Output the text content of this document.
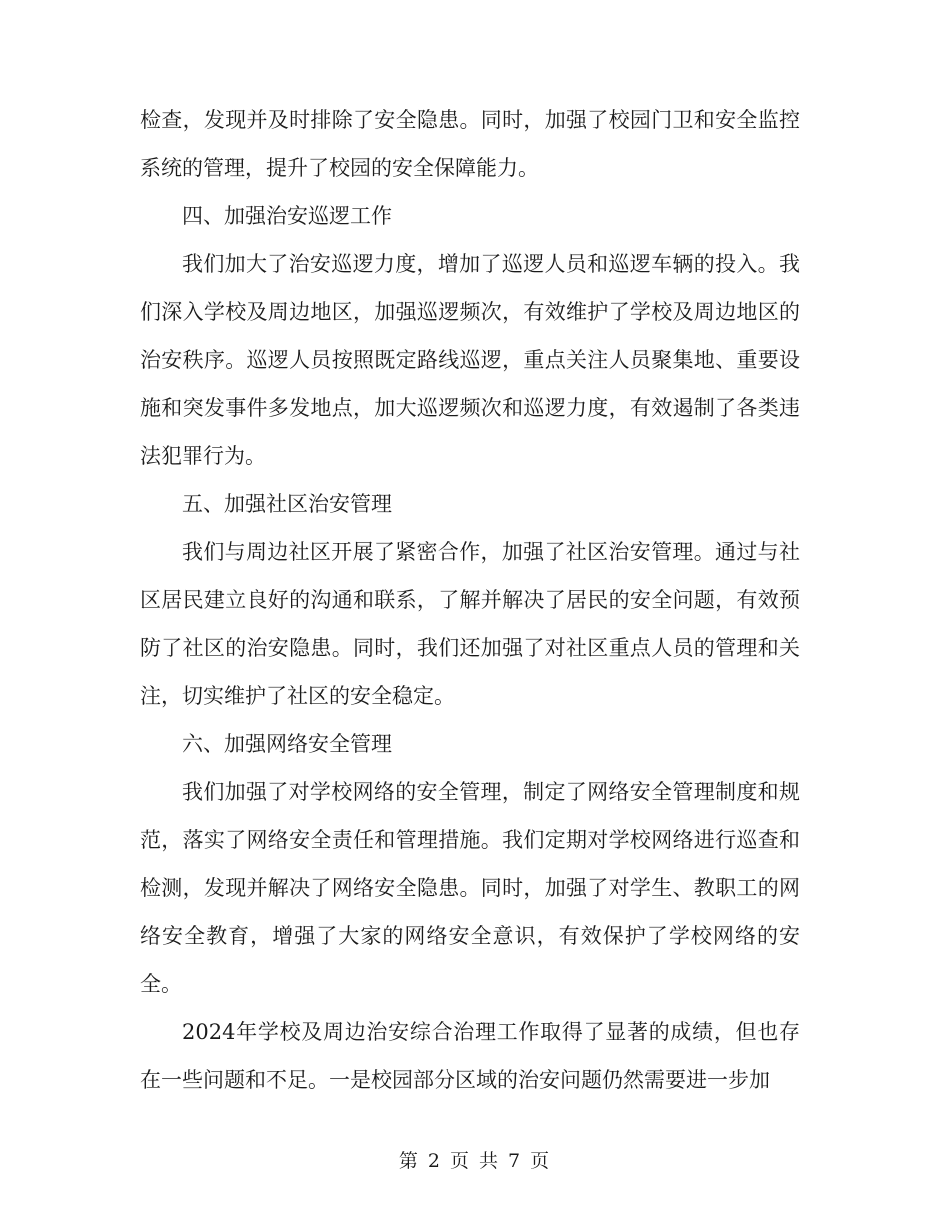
检查，发现并及时排除了安全隐患。同时，加强了校园门卫和安全监控系统的管理，提升了校园的安全保障能力。

四、加强治安巡逻工作

我们加大了治安巡逻力度，增加了巡逻人员和巡逻车辆的投入。我们深入学校及周边地区，加强巡逻频次，有效维护了学校及周边地区的治安秩序。巡逻人员按照既定路线巡逻，重点关注人员聚集地、重要设施和突发事件多发地点，加大巡逻频次和巡逻力度，有效遏制了各类违法犯罪行为。

五、加强社区治安管理

我们与周边社区开展了紧密合作，加强了社区治安管理。通过与社区居民建立良好的沟通和联系，了解并解决了居民的安全问题，有效预防了社区的治安隐患。同时，我们还加强了对社区重点人员的管理和关注，切实维护了社区的安全稳定。

六、加强网络安全管理

我们加强了对学校网络的安全管理，制定了网络安全管理制度和规范，落实了网络安全责任和管理措施。我们定期对学校网络进行巡查和检测，发现并解决了网络安全隐患。同时，加强了对学生、教职工的网络安全教育，增强了大家的网络安全意识，有效保护了学校网络的安全。

2024年学校及周边治安综合治理工作取得了显著的成绩，但也存在一些问题和不足。一是校园部分区域的治安问题仍然需要进一步加

第 2 页 共 7 页
